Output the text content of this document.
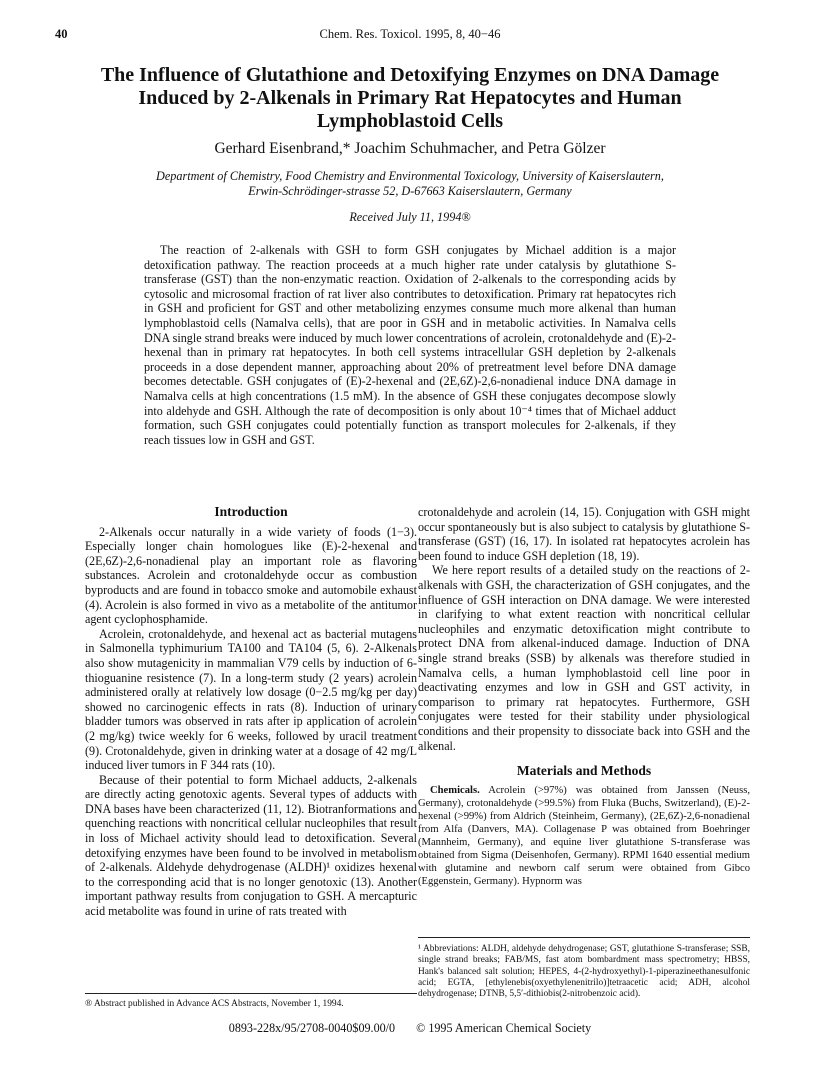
40	Chem. Res. Toxicol. 1995, 8, 40−46
The Influence of Glutathione and Detoxifying Enzymes on DNA Damage Induced by 2-Alkenals in Primary Rat Hepatocytes and Human Lymphoblastoid Cells
Gerhard Eisenbrand,* Joachim Schuhmacher, and Petra Gölzer
Department of Chemistry, Food Chemistry and Environmental Toxicology, University of Kaiserslautern, Erwin-Schrödinger-strasse 52, D-67663 Kaiserslautern, Germany
Received July 11, 1994®

The reaction of 2-alkenals with GSH to form GSH conjugates by Michael addition is a major detoxification pathway. The reaction proceeds at a much higher rate under catalysis by glutathione S-transferase (GST) than the non-enzymatic reaction. Oxidation of 2-alkenals to the corresponding acids by cytosolic and microsomal fraction of rat liver also contributes to detoxification. Primary rat hepatocytes rich in GSH and proficient for GST and other metabolizing enzymes consume much more alkenal than human lymphoblastoid cells (Namalva cells), that are poor in GSH and in metabolic activities. In Namalva cells DNA single strand breaks were induced by much lower concentrations of acrolein, crotonaldehyde and (E)-2-hexenal than in primary rat hepatocytes. In both cell systems intracellular GSH depletion by 2-alkenals proceeds in a dose dependent manner, approaching about 20% of pretreatment level before DNA damage becomes detectable. GSH conjugates of (E)-2-hexenal and (2E,6Z)-2,6-nonadienal induce DNA damage in Namalva cells at high concentrations (1.5 mM). In the absence of GSH these conjugates decompose slowly into aldehyde and GSH. Although the rate of decomposition is only about 10⁻⁴ times that of Michael adduct formation, such GSH conjugates could potentially function as transport molecules for 2-alkenals, if they reach tissues low in GSH and GST.

Introduction

2-Alkenals occur naturally in a wide variety of foods (1−3). Especially longer chain homologues like (E)-2-hexenal and (2E,6Z)-2,6-nonadienal play an important role as flavoring substances. Acrolein and crotonaldehyde occur as combustion byproducts and are found in tobacco smoke and automobile exhaust (4). Acrolein is also formed in vivo as a metabolite of the antitumor agent cyclophosphamide.

Acrolein, crotonaldehyde, and hexenal act as bacterial mutagens in Salmonella typhimurium TA100 and TA104 (5, 6). 2-Alkenals also show mutagenicity in mammalian V79 cells by induction of 6-thioguanine resistence (7). In a long-term study (2 years) acrolein administered orally at relatively low dosage (0−2.5 mg/kg per day) showed no carcinogenic effects in rats (8). Induction of urinary bladder tumors was observed in rats after ip application of acrolein (2 mg/kg) twice weekly for 6 weeks, followed by uracil treatment (9). Crotonaldehyde, given in drinking water at a dosage of 42 mg/L induced liver tumors in F 344 rats (10).

Because of their potential to form Michael adducts, 2-alkenals are directly acting genotoxic agents. Several types of adducts with DNA bases have been characterized (11, 12). Biotranformations and quenching reactions with noncritical cellular nucleophiles that result in loss of Michael activity should lead to detoxification. Several detoxifying enzymes have been found to be involved in metabolism of 2-alkenals. Aldehyde dehydrogenase (ALDH)¹ oxidizes hexenal to the corresponding acid that is no longer genotoxic (13). Another important pathway results from conjugation to GSH. A mercapturic acid metabolite was found in urine of rats treated with

crotonaldehyde and acrolein (14, 15). Conjugation with GSH might occur spontaneously but is also subject to catalysis by glutathione S-transferase (GST) (16, 17). In isolated rat hepatocytes acrolein has been found to induce GSH depletion (18, 19).

We here report results of a detailed study on the reactions of 2-alkenals with GSH, the characterization of GSH conjugates, and the influence of GSH interaction on DNA damage. We were interested in clarifying to what extent reaction with noncritical cellular nucleophiles and enzymatic detoxification might contribute to protect DNA from alkenal-induced damage. Induction of DNA single strand breaks (SSB) by alkenals was therefore studied in Namalva cells, a human lymphoblastoid cell line poor in deactivating enzymes and low in GSH and GST activity, in comparison to primary rat hepatocytes. Furthermore, GSH conjugates were tested for their stability under physiological conditions and their propensity to dissociate back into GSH and the alkenal.

Materials and Methods

Chemicals. Acrolein (>97%) was obtained from Janssen (Neuss, Germany), crotonaldehyde (>99.5%) from Fluka (Buchs, Switzerland), (E)-2-hexenal (>99%) from Aldrich (Steinheim, Germany), (2E,6Z)-2,6-nonadienal from Alfa (Danvers, MA). Collagenase P was obtained from Boehringer (Mannheim, Germany), and equine liver glutathione S-transferase was obtained from Sigma (Deisenhofen, Germany). RPMI 1640 essential medium with glutamine and newborn calf serum were obtained from Gibco (Eggenstein, Germany). Hypnorm was

¹ Abbreviations: ALDH, aldehyde dehydrogenase; GST, glutathione S-transferase; SSB, single strand breaks; FAB/MS, fast atom bombardment mass spectrometry; HBSS, Hank's balanced salt solution; HEPES, 4-(2-hydroxyethyl)-1-piperazineethanesulfonic acid; EGTA, [ethylenebis(oxyethylenenitrilo)]tetraacetic acid; ADH, alcohol dehydrogenase; DTNB, 5,5′-dithiobis(2-nitrobenzoic acid).
® Abstract published in Advance ACS Abstracts, November 1, 1994.
0893-228x/95/2708-0040$09.00/0 © 1995 American Chemical Society
